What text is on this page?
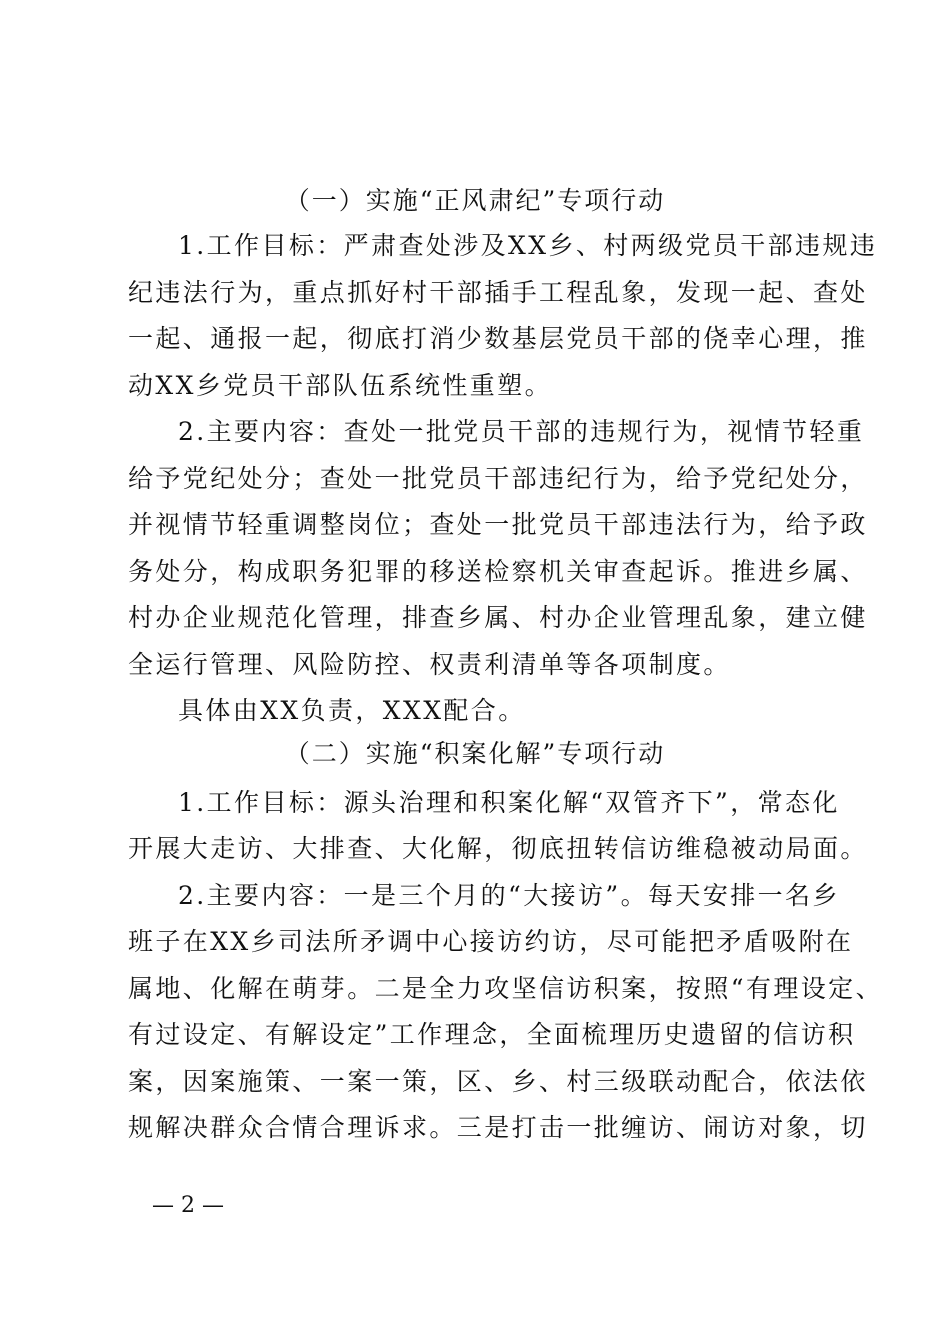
（一）实施“正风肃纪”专项行动
1.工作目标：严肃查处涉及XX乡、村两级党员干部违规违
纪违法行为，重点抓好村干部插手工程乱象，发现一起、查处
一起、通报一起，彻底打消少数基层党员干部的侥幸心理，推
动XX乡党员干部队伍系统性重塑。
2.主要内容：查处一批党员干部的违规行为，视情节轻重
给予党纪处分；查处一批党员干部违纪行为，给予党纪处分，
并视情节轻重调整岗位；查处一批党员干部违法行为，给予政
务处分，构成职务犯罪的移送检察机关审查起诉。推进乡属、
村办企业规范化管理，排查乡属、村办企业管理乱象，建立健
全运行管理、风险防控、权责利清单等各项制度。
具体由XX负责，XXX配合。
（二）实施“积案化解”专项行动
1.工作目标：源头治理和积案化解“双管齐下”，常态化
开展大走访、大排查、大化解，彻底扭转信访维稳被动局面。
2.主要内容：一是三个月的“大接访”。每天安排一名乡
班子在XX乡司法所矛调中心接访约访，尽可能把矛盾吸附在
属地、化解在萌芽。二是全力攻坚信访积案，按照“有理设定、
有过设定、有解设定”工作理念，全面梳理历史遗留的信访积
案，因案施策、一案一策，区、乡、村三级联动配合，依法依
规解决群众合情合理诉求。三是打击一批缠访、闹访对象，切
— 2 —
